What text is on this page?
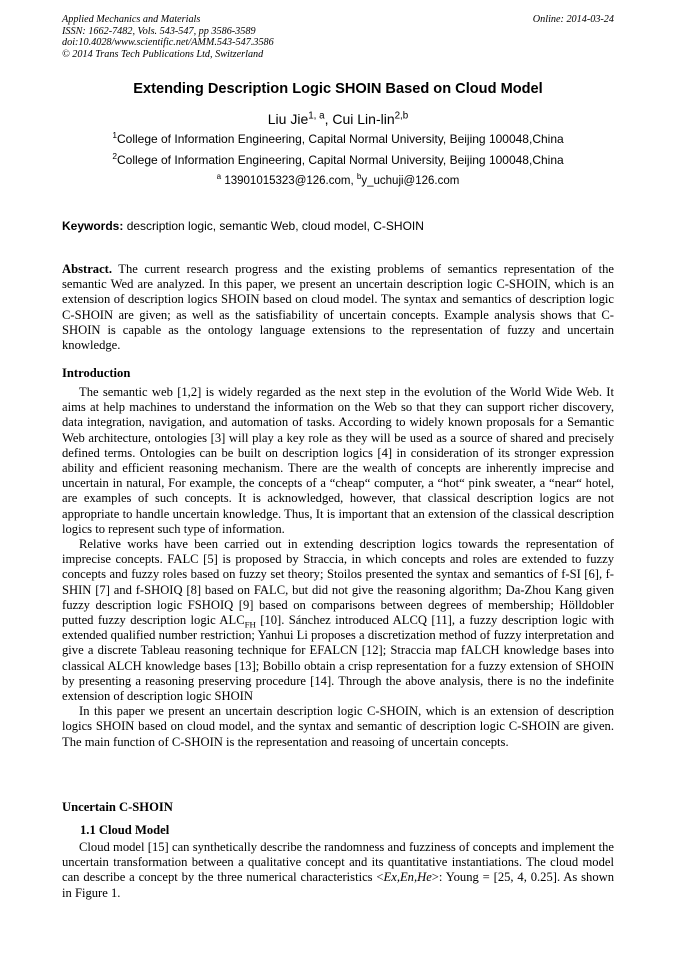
Applied Mechanics and Materials
ISSN: 1662-7482, Vols. 543-547, pp 3586-3589
doi:10.4028/www.scientific.net/AMM.543-547.3586
© 2014 Trans Tech Publications Ltd, Switzerland
Online: 2014-03-24
Extending Description Logic SHOIN Based on Cloud Model
Liu Jie$^{1, a}$, Cui Lin-lin$^{2,b}$
$^1$College of Information Engineering, Capital Normal University, Beijing 100048,China
$^2$College of Information Engineering, Capital Normal University, Beijing 100048,China
$^a$ 13901015323@126.com, $^b$y_uchuji@126.com
Keywords: description logic, semantic Web, cloud model, C-SHOIN

Abstract. The current research progress and the existing problems of semantics representation of the semantic Wed are analyzed. In this paper, we present an uncertain description logic C-SHOIN, which is an extension of description logics SHOIN based on cloud model. The syntax and semantics of description logic C-SHOIN are given; as well as the satisfiability of uncertain concepts. Example analysis shows that C-SHOIN is capable as the ontology language extensions to the representation of fuzzy and uncertain knowledge.

Introduction

The semantic web [1,2] is widely regarded as the next step in the evolution of the World Wide Web. It aims at help machines to understand the information on the Web so that they can support richer discovery, data integration, navigation, and automation of tasks. According to widely known proposals for a Semantic Web architecture, ontologies [3] will play a key role as they will be used as a source of shared and precisely defined terms. Ontologies can be built on description logics [4] in consideration of its stronger expression ability and efficient reasoning mechanism. There are the wealth of concepts are inherently imprecise and uncertain in natural, For example, the concepts of a “cheap“ computer, a “hot“ pink sweater, a “near“ hotel, are examples of such concepts. It is acknowledged, however, that classical description logics are not appropriate to handle uncertain knowledge. Thus, It is important that an extension of the classical description logics to represent such type of information.

Relative works have been carried out in extending description logics towards the representation of imprecise concepts. FALC [5] is proposed by Straccia, in which concepts and roles are extended to fuzzy concepts and fuzzy roles based on fuzzy set theory; Stoilos presented the syntax and semantics of f-SI [6], f-SHIN [7] and f-SHOIQ [8] based on FALC, but did not give the reasoning algorithm; Da-Zhou Kang given fuzzy description logic FSHOIQ [9] based on comparisons between degrees of membership; Hölldobler putted fuzzy description logic $ALC_{FH}$ [10]. Sánchez introduced ALCQ [11], a fuzzy description logic with extended qualified number restriction; Yanhui Li proposes a discretization method of fuzzy interpretation and give a discrete Tableau reasoning technique for EFALCN [12]; Straccia map fALCH knowledge bases into classical ALCH knowledge bases [13]; Bobillo obtain a crisp representation for a fuzzy extension of SHOIN by presenting a reasoning preserving procedure [14]. Through the above analysis, there is no the indefinite extension of description logic SHOIN

In this paper we present an uncertain description logic C-SHOIN, which is an extension of description logics SHOIN based on cloud model, and the syntax and semantic of description logic C-SHOIN are given. The main function of C-SHOIN is the representation and reasoing of uncertain concepts.

Uncertain C-SHOIN
1.1 Cloud Model

Cloud model [15] can synthetically describe the randomness and fuzziness of concepts and implement the uncertain transformation between a qualitative concept and its quantitative instantiations. The cloud model can describe a concept by the three numerical characteristics <Ex,En,He>: Young = [25, 4, 0.25]. As shown in Figure 1.
